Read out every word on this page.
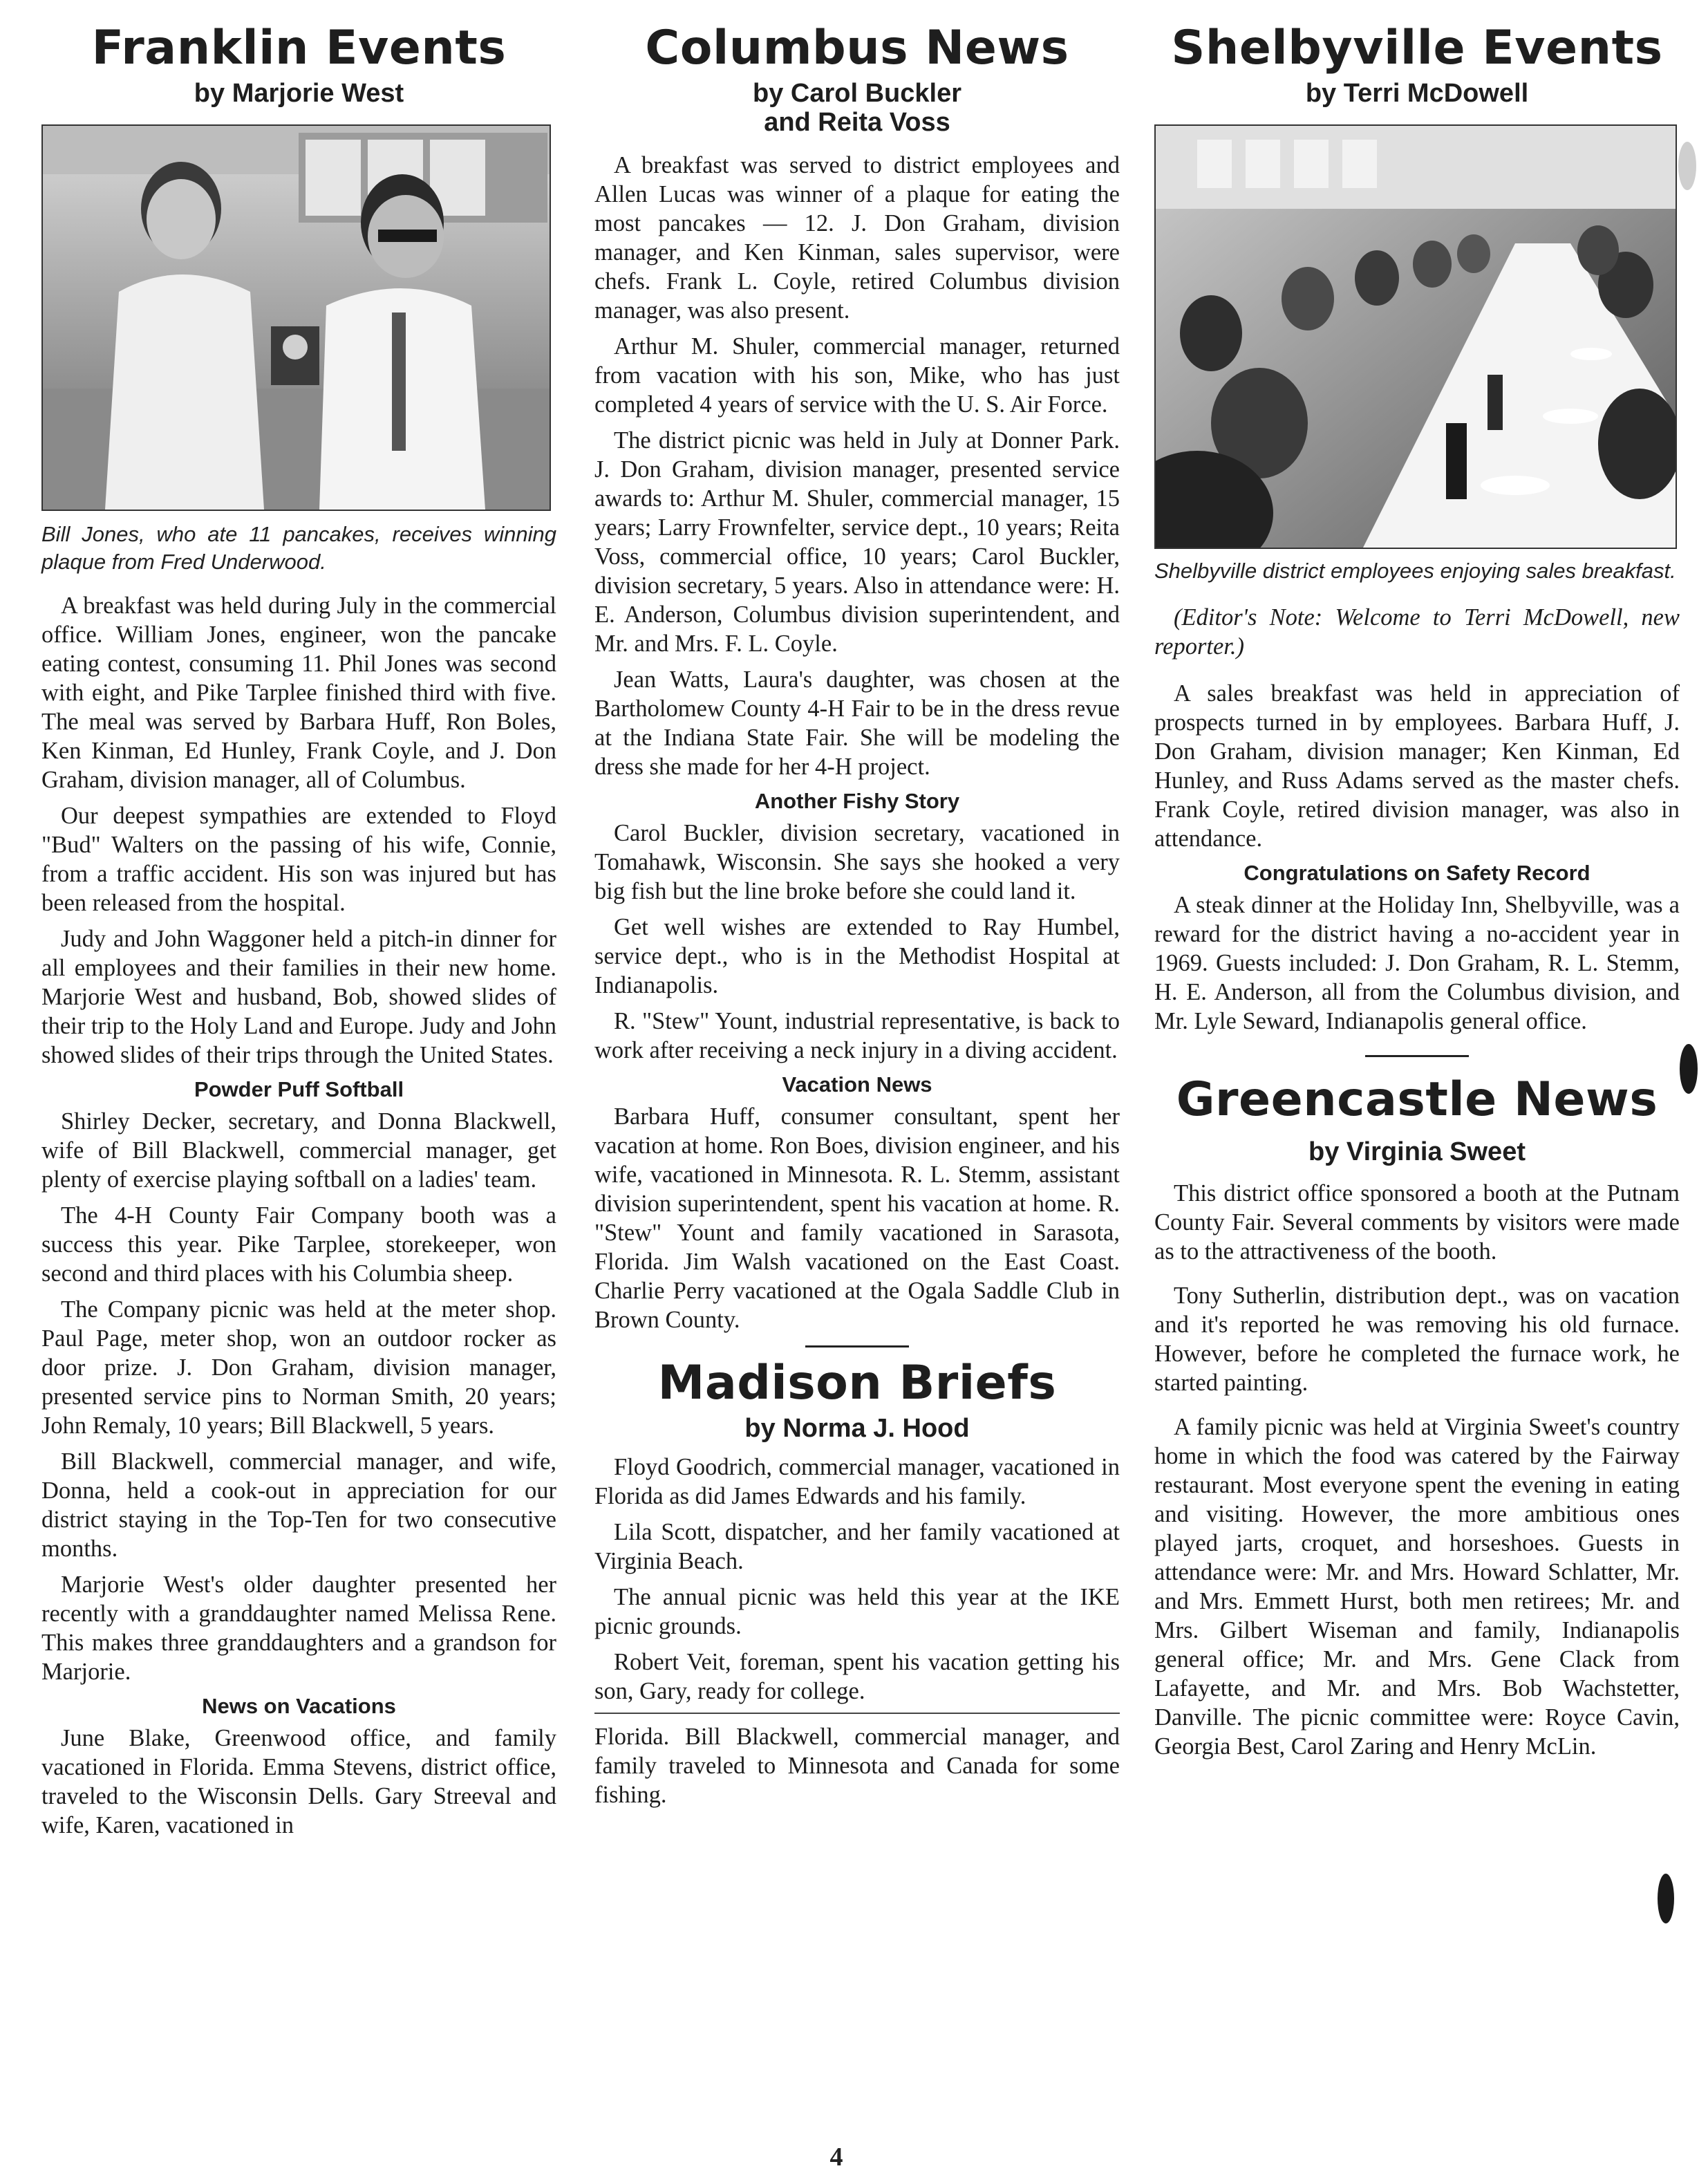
Franklin Events
by Marjorie West
Bill Jones, who ate 11 pancakes, receives winning plaque from Fred Underwood.

A breakfast was held during July in the commercial office. William Jones, engineer, won the pancake eating contest, consuming 11. Phil Jones was second with eight, and Pike Tarplee finished third with five. The meal was served by Barbara Huff, Ron Boles, Ken Kinman, Ed Hunley, Frank Coyle, and J. Don Graham, division manager, all of Columbus.

Our deepest sympathies are extended to Floyd "Bud" Walters on the passing of his wife, Connie, from a traffic accident. His son was injured but has been released from the hospital.

Judy and John Waggoner held a pitch-in dinner for all employees and their families in their new home. Marjorie West and husband, Bob, showed slides of their trip to the Holy Land and Europe. Judy and John showed slides of their trips through the United States.

Powder Puff Softball

Shirley Decker, secretary, and Donna Blackwell, wife of Bill Blackwell, commercial manager, get plenty of exercise playing softball on a ladies' team.

The 4-H County Fair Company booth was a success this year. Pike Tarplee, storekeeper, won second and third places with his Columbia sheep.

The Company picnic was held at the meter shop. Paul Page, meter shop, won an outdoor rocker as door prize. J. Don Graham, division manager, presented service pins to Norman Smith, 20 years; John Remaly, 10 years; Bill Blackwell, 5 years.

Bill Blackwell, commercial manager, and wife, Donna, held a cook-out in appreciation for our district staying in the Top-Ten for two consecutive months.

Marjorie West's older daughter presented her recently with a granddaughter named Melissa Rene. This makes three granddaughters and a grandson for Marjorie.

News on Vacations

June Blake, Greenwood office, and family vacationed in Florida. Emma Stevens, district office, traveled to the Wisconsin Dells. Gary Streeval and wife, Karen, vacationed in

Columbus News
by Carol Buckler
and Reita Voss

A breakfast was served to district employees and Allen Lucas was winner of a plaque for eating the most pancakes — 12. J. Don Graham, division manager, and Ken Kinman, sales supervisor, were chefs. Frank L. Coyle, retired Columbus division manager, was also present.

Arthur M. Shuler, commercial manager, returned from vacation with his son, Mike, who has just completed 4 years of service with the U. S. Air Force.

The district picnic was held in July at Donner Park. J. Don Graham, division manager, presented service awards to: Arthur M. Shuler, commercial manager, 15 years; Larry Frownfelter, service dept., 10 years; Reita Voss, commercial office, 10 years; Carol Buckler, division secretary, 5 years. Also in attendance were: H. E. Anderson, Columbus division superintendent, and Mr. and Mrs. F. L. Coyle.

Jean Watts, Laura's daughter, was chosen at the Bartholomew County 4-H Fair to be in the dress revue at the Indiana State Fair. She will be modeling the dress she made for her 4-H project.

Another Fishy Story

Carol Buckler, division secretary, vacationed in Tomahawk, Wisconsin. She says she hooked a very big fish but the line broke before she could land it.

Get well wishes are extended to Ray Humbel, service dept., who is in the Methodist Hospital at Indianapolis.

R. "Stew" Yount, industrial representative, is back to work after receiving a neck injury in a diving accident.

Vacation News

Barbara Huff, consumer consultant, spent her vacation at home. Ron Boes, division engineer, and his wife, vacationed in Minnesota. R. L. Stemm, assistant division superintendent, spent his vacation at home. R. "Stew" Yount and family vacationed in Sarasota, Florida. Jim Walsh vacationed on the East Coast. Charlie Perry vacationed at the Ogala Saddle Club in Brown County.

Madison Briefs
by Norma J. Hood

Floyd Goodrich, commercial manager, vacationed in Florida as did James Edwards and his family.

Lila Scott, dispatcher, and her family vacationed at Virginia Beach.

The annual picnic was held this year at the IKE picnic grounds.

Robert Veit, foreman, spent his vacation getting his son, Gary, ready for college.

Florida. Bill Blackwell, commercial manager, and family traveled to Minnesota and Canada for some fishing.

Shelbyville Events
by Terri McDowell
Shelbyville district employees enjoying sales breakfast.

(Editor's Note: Welcome to Terri McDowell, new reporter.)

A sales breakfast was held in appreciation of prospects turned in by employees. Barbara Huff, J. Don Graham, division manager; Ken Kinman, Ed Hunley, and Russ Adams served as the master chefs. Frank Coyle, retired division manager, was also in attendance.

Congratulations on Safety Record

A steak dinner at the Holiday Inn, Shelbyville, was a reward for the district having a no-accident year in 1969. Guests included: J. Don Graham, R. L. Stemm, H. E. Anderson, all from the Columbus division, and Mr. Lyle Seward, Indianapolis general office.

Greencastle News
by Virginia Sweet

This district office sponsored a booth at the Putnam County Fair. Several comments by visitors were made as to the attractiveness of the booth.

Tony Sutherlin, distribution dept., was on vacation and it's reported he was removing his old furnace. However, before he completed the furnace work, he started painting.

A family picnic was held at Virginia Sweet's country home in which the food was catered by the Fairway restaurant. Most everyone spent the evening in eating and visiting. However, the more ambitious ones played jarts, croquet, and horseshoes. Guests in attendance were: Mr. and Mrs. Howard Schlatter, Mr. and Mrs. Emmett Hurst, both men retirees; Mr. and Mrs. Gilbert Wiseman and family, Indianapolis general office; Mr. and Mrs. Gene Clack from Lafayette, and Mr. and Mrs. Bob Wachstetter, Danville. The picnic committee were: Royce Cavin, Georgia Best, Carol Zaring and Henry McLin.

4
